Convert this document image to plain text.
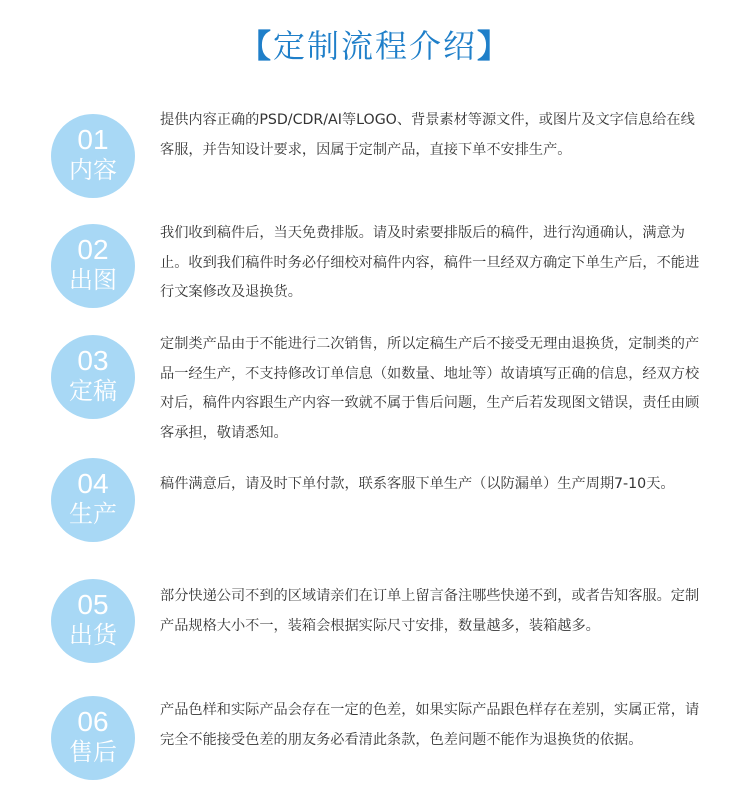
【定制流程介绍】
01
内容

提供内容正确的PSD/CDR/AI等LOGO、背景素材等源文件，或图片及文字信息给在线客服，并告知设计要求，因属于定制产品，直接下单不安排生产。

02
出图

我们收到稿件后，当天免费排版。请及时索要排版后的稿件，进行沟通确认，满意为止。收到我们稿件时务必仔细校对稿件内容，稿件一旦经双方确定下单生产后，不能进行文案修改及退换货。

03
定稿

定制类产品由于不能进行二次销售，所以定稿生产后不接受无理由退换货，定制类的产品一经生产，不支持修改订单信息（如数量、地址等）故请填写正确的信息，经双方校对后，稿件内容跟生产内容一致就不属于售后问题，生产后若发现图文错误，责任由顾客承担，敬请悉知。

04
生产

稿件满意后，请及时下单付款，联系客服下单生产（以防漏单）生产周期7-10天。

05
出货

部分快递公司不到的区域请亲们在订单上留言备注哪些快递不到，或者告知客服。定制产品规格大小不一，装箱会根据实际尺寸安排，数量越多，装箱越多。

06
售后

产品色样和实际产品会存在一定的色差，如果实际产品跟色样存在差别，实属正常，请完全不能接受色差的朋友务必看清此条款，色差问题不能作为退换货的依据。
